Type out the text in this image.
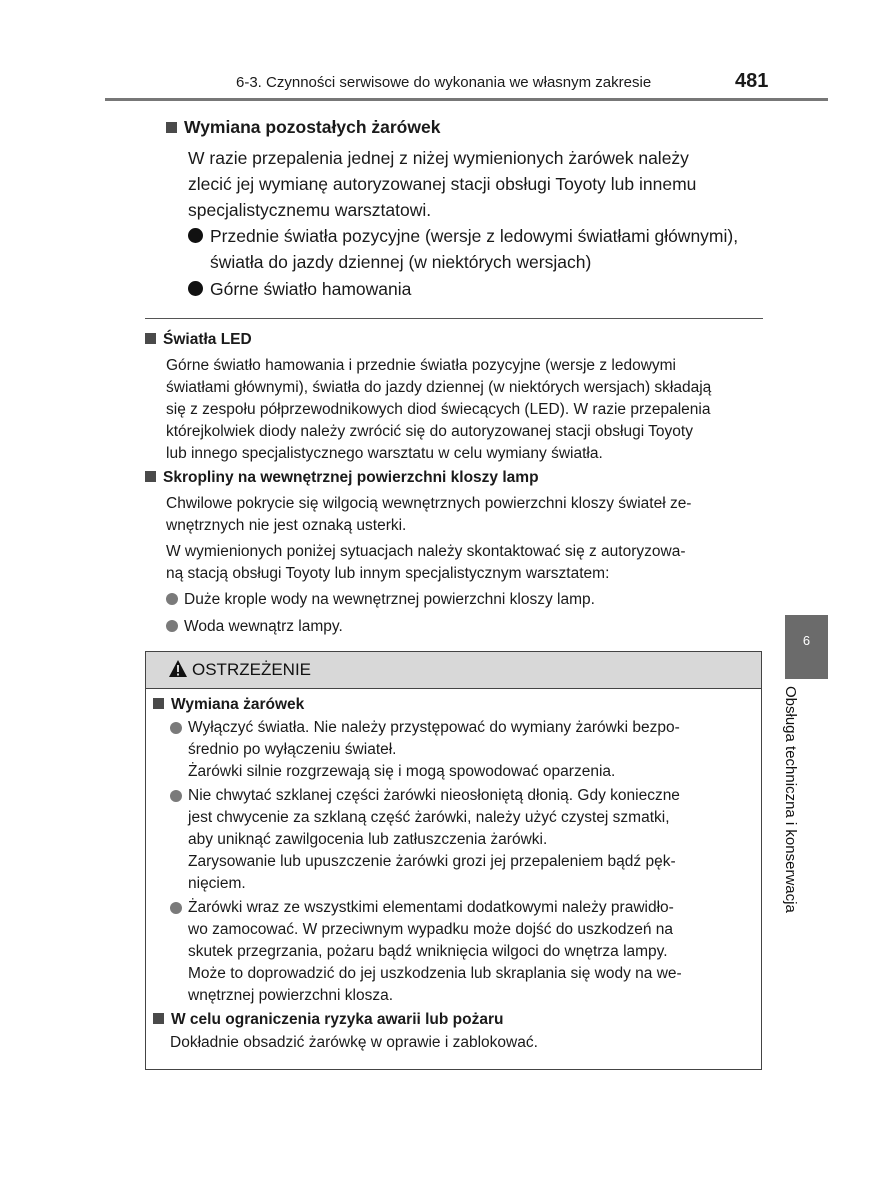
6-3. Czynności serwisowe do wykonania we własnym zakresie	481
Wymiana pozostałych żarówek
W razie przepalenia jednej z niżej wymienionych żarówek należy
zlecić jej wymianę autoryzowanej stacji obsługi Toyoty lub innemu
specjalistycznemu warsztatowi.
Przednie światła pozycyjne (wersje z ledowymi światłami głównymi),
światła do jazdy dziennej (w niektórych wersjach)
Górne światło hamowania
Światła LED
Górne światło hamowania i przednie światła pozycyjne (wersje z ledowymi
światłami głównymi), światła do jazdy dziennej (w niektórych wersjach) składają
się z zespołu półprzewodnikowych diod świecących (LED). W razie przepalenia
którejkolwiek diody należy zwrócić się do autoryzowanej stacji obsługi Toyoty
lub innego specjalistycznego warsztatu w celu wymiany światła.
Skropliny na wewnętrznej powierzchni kloszy lamp
Chwilowe pokrycie się wilgocią wewnętrznych powierzchni kloszy świateł ze-
wnętrznych nie jest oznaką usterki.
W wymienionych poniżej sytuacjach należy skontaktować się z autoryzowa-
ną stacją obsługi Toyoty lub innym specjalistycznym warsztatem:
Duże krople wody na wewnętrznej powierzchni kloszy lamp.
Woda wewnątrz lampy.
OSTRZEŻENIE
Wymiana żarówek
Wyłączyć światła. Nie należy przystępować do wymiany żarówki bezpo-
średnio po wyłączeniu świateł.
Żarówki silnie rozgrzewają się i mogą spowodować oparzenia.
Nie chwytać szklanej części żarówki nieosłoniętą dłonią. Gdy konieczne
jest chwycenie za szklaną część żarówki, należy użyć czystej szmatki,
aby uniknąć zawilgocenia lub zatłuszczenia żarówki.
Zarysowanie lub upuszczenie żarówki grozi jej przepaleniem bądź pęk-
nięciem.
Żarówki wraz ze wszystkimi elementami dodatkowymi należy prawidło-
wo zamocować. W przeciwnym wypadku może dojść do uszkodzeń na
skutek przegrzania, pożaru bądź wniknięcia wilgoci do wnętrza lampy.
Może to doprowadzić do jej uszkodzenia lub skraplania się wody na we-
wnętrznej powierzchni klosza.
W celu ograniczenia ryzyka awarii lub pożaru
Dokładnie obsadzić żarówkę w oprawie i zablokować.
6
Obsługa techniczna i konserwacja
